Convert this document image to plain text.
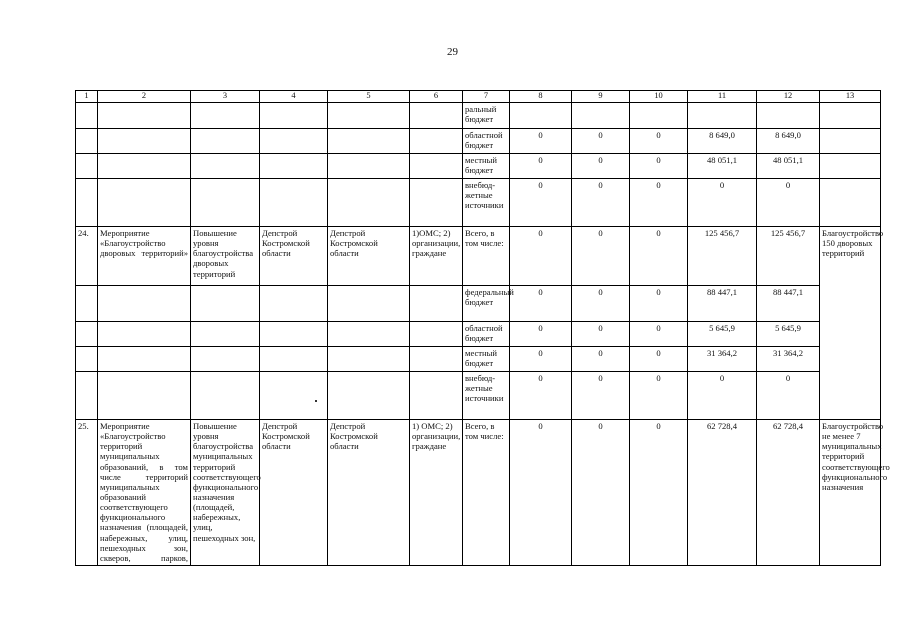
29
1	2	3	4	5	6	7	8	9	10	11	12	13
						ральный бюджет						
						областной бюджет	0	0	0	8 649,0	8 649,0	
						местный бюджет	0	0	0	48 051,1	48 051,1	
						внебюд-жетные источники	0	0	0	0	0	
24.	Мероприятие «Благоустройство дворовых территорий»	Повышение уровня благоустройства дворовых территорий	Депстрой Костромской области	Депстрой Костромской области	1)ОМС; 2) организации, граждане	Всего, в том числе:	0	0	0	125 456,7	125 456,7	Благоустройство 150 дворовых территорий
						федеральный бюджет	0	0	0	88 447,1	88 447,1	
						областной бюджет	0	0	0	5 645,9	5 645,9	
						местный бюджет	0	0	0	31 364,2	31 364,2	
						внебюд-жетные источники	0	0	0	0	0	
25.	Мероприятие «Благоустройство территорий муниципальных образований, в том числе территорий муниципальных образований соответствующего функционального назначения (площадей, набережных, улиц, пешеходных зон, скверов, парков,	Повышение уровня благоустройства муниципальных территорий соответствующего функционального назначения (площадей, набережных, улиц, пешеходных зон,	Депстрой Костромской области	Депстрой Костромской области	1) ОМС; 2) организации, граждане	Всего, в том числе:	0	0	0	62 728,4	62 728,4	Благоустройство не менее 7 муниципальных территорий соответствующего функционального назначения
